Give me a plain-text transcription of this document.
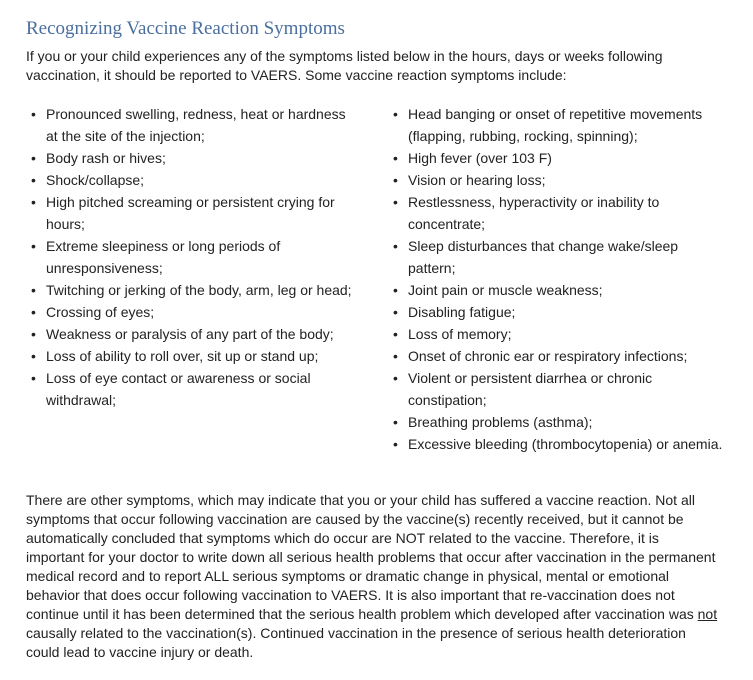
Recognizing Vaccine Reaction Symptoms

If you or your child experiences any of the symptoms listed below in the hours, days or weeks following vaccination, it should be reported to VAERS. Some vaccine reaction symptoms include:

• Pronounced swelling, redness, heat or hardness at the site of the injection;
• Body rash or hives;
• Shock/collapse;
• High pitched screaming or persistent crying for hours;
• Extreme sleepiness or long periods of unresponsiveness;
• Twitching or jerking of the body, arm, leg or head;
• Crossing of eyes;
• Weakness or paralysis of any part of the body;
• Loss of ability to roll over, sit up or stand up;
• Loss of eye contact or awareness or social withdrawal;
• Head banging or onset of repetitive movements (flapping, rubbing, rocking, spinning);
• High fever (over 103 F)
• Vision or hearing loss;
• Restlessness, hyperactivity or inability to concentrate;
• Sleep disturbances that change wake/sleep pattern;
• Joint pain or muscle weakness;
• Disabling fatigue;
• Loss of memory;
• Onset of chronic ear or respiratory infections;
• Violent or persistent diarrhea or chronic constipation;
• Breathing problems (asthma);
• Excessive bleeding (thrombocytopenia) or anemia.

There are other symptoms, which may indicate that you or your child has suffered a vaccine reaction. Not all symptoms that occur following vaccination are caused by the vaccine(s) recently received, but it cannot be automatically concluded that symptoms which do occur are NOT related to the vaccine. Therefore, it is important for your doctor to write down all serious health problems that occur after vaccination in the permanent medical record and to report ALL serious symptoms or dramatic change in physical, mental or emotional behavior that does occur following vaccination to VAERS. It is also important that re-vaccination does not continue until it has been determined that the serious health problem which developed after vaccination was not causally related to the vaccination(s). Continued vaccination in the presence of serious health deterioration could lead to vaccine injury or death.
